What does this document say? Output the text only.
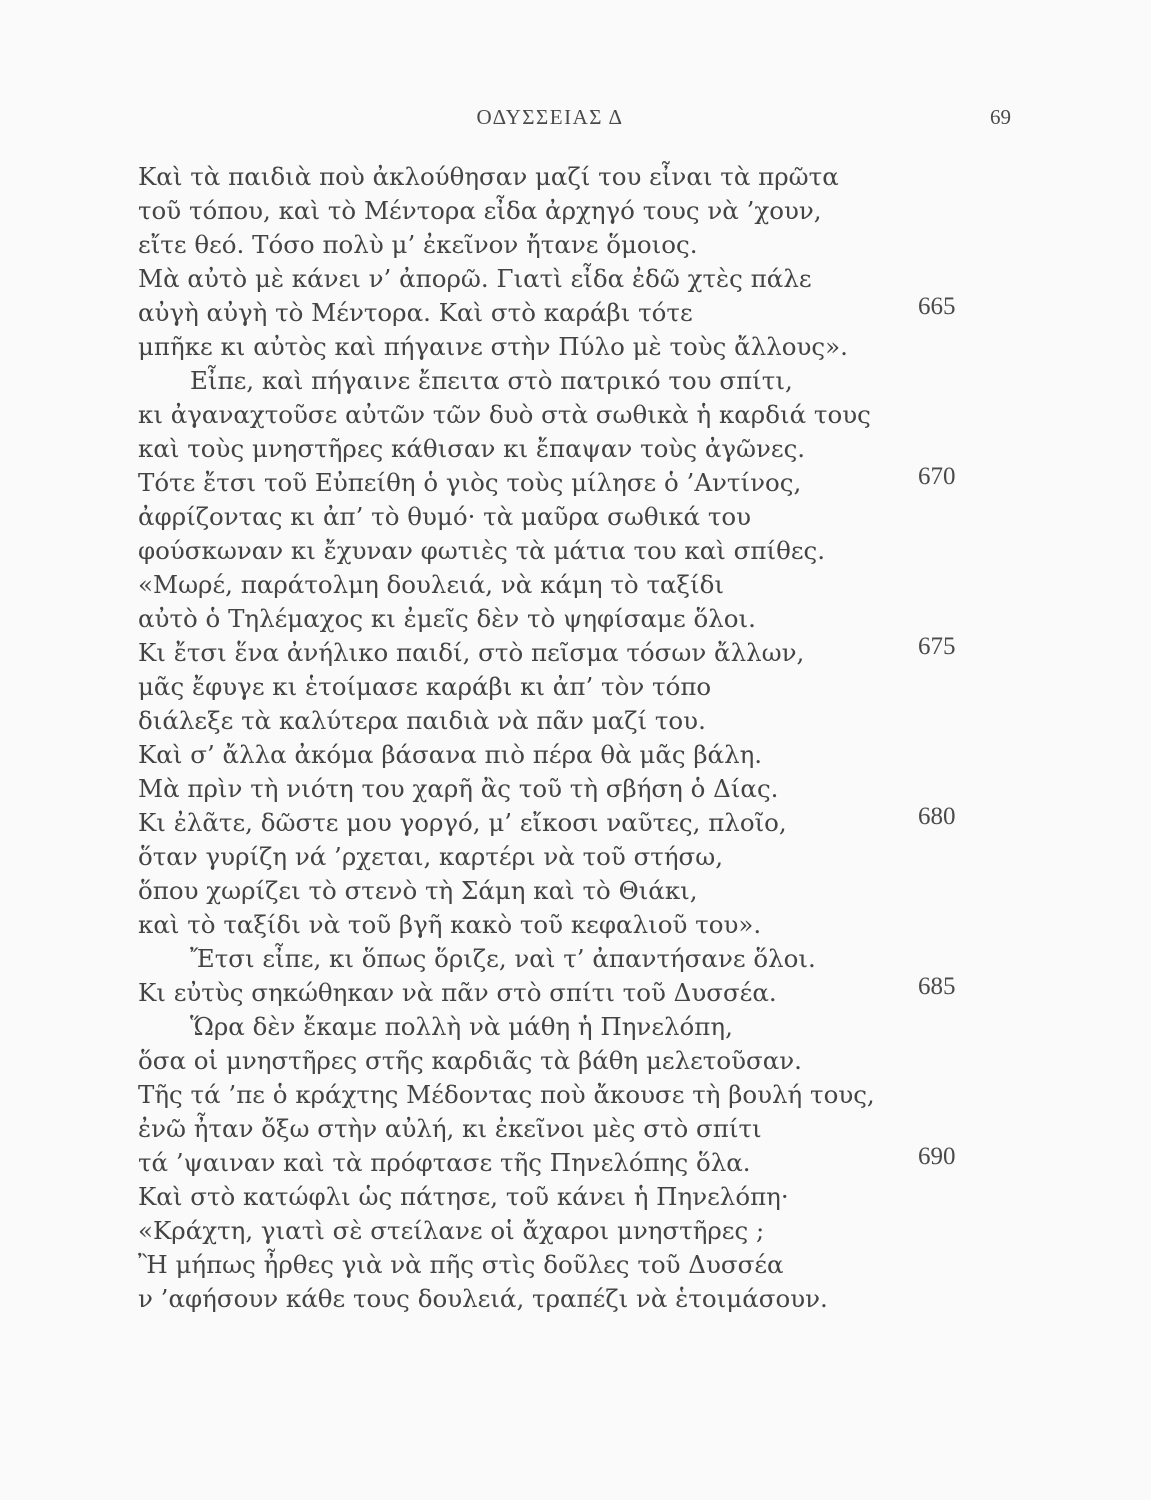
ΟΔΥΣΣΕΙΑΣ Δ	69
Καὶ τὰ παιδιὰ ποὺ ἀκλούθησαν μαζί του εἶναι τὰ πρῶτα
τοῦ τόπου, καὶ τὸ Μέντορα εἶδα ἀρχηγό τους νὰ ’χουν,
εἴτε θεό. Τόσο πολὺ μ’ ἐκεῖνον ἤτανε ὅμοιος.
Μὰ αὐτὸ μὲ κάνει ν’ ἀπορῶ. Γιατὶ εἶδα ἐδῶ χτὲς πάλε
αὐγὴ αὐγὴ τὸ Μέντορα. Καὶ στὸ καράβι τότε	665
μπῆκε κι αὐτὸς καὶ πήγαινε στὴν Πύλο μὲ τοὺς ἄλλους».
Εἶπε, καὶ πήγαινε ἔπειτα στὸ πατρικό του σπίτι,
κι ἀγαναχτοῦσε αὐτῶν τῶν δυὸ στὰ σωθικὰ ἡ καρδιά τους
καὶ τοὺς μνηστῆρες κάθισαν κι ἔπαψαν τοὺς ἀγῶνες.
Τότε ἔτσι τοῦ Εὐπείθη ὁ γιὸς τοὺς μίλησε ὁ ’Αντίνος,	670
ἀφρίζοντας κι ἀπ’ τὸ θυμό· τὰ μαῦρα σωθικά του
φούσκωναν κι ἔχυναν φωτιὲς τὰ μάτια του καὶ σπίθες.
«Μωρέ, παράτολμη δουλειά, νὰ κάμη τὸ ταξίδι
αὐτὸ ὁ Τηλέμαχος κι ἐμεῖς δὲν τὸ ψηφίσαμε ὅλοι.
Κι ἔτσι ἕνα ἀνήλικο παιδί, στὸ πεῖσμα τόσων ἄλλων,	675
μᾶς ἔφυγε κι ἑτοίμασε καράβι κι ἀπ’ τὸν τόπο
διάλεξε τὰ καλύτερα παιδιὰ νὰ πᾶν μαζί του.
Καὶ σ’ ἄλλα ἀκόμα βάσανα πιὸ πέρα θὰ μᾶς βάλη.
Μὰ πρὶν τὴ νιότη του χαρῆ ἂς τοῦ τὴ σβήση ὁ Δίας.
Κι ἐλᾶτε, δῶστε μου γοργό, μ’ εἴκοσι ναῦτες, πλοῖο,	680
ὅταν γυρίζη νά ’ρχεται, καρτέρι νὰ τοῦ στήσω,
ὅπου χωρίζει τὸ στενὸ τὴ Σάμη καὶ τὸ Θιάκι,
καὶ τὸ ταξίδι νὰ τοῦ βγῆ κακὸ τοῦ κεφαλιοῦ του».
Ἔτσι εἶπε, κι ὅπως ὅριζε, ναὶ τ’ ἀπαντήσανε ὅλοι.
Κι εὐτὺς σηκώθηκαν νὰ πᾶν στὸ σπίτι τοῦ Δυσσέα.	685
Ὥρα δὲν ἔκαμε πολλὴ νὰ μάθη ἡ Πηνελόπη,
ὅσα οἱ μνηστῆρες στῆς καρδιᾶς τὰ βάθη μελετοῦσαν.
Τῆς τά ’πε ὁ κράχτης Μέδοντας ποὺ ἄκουσε τὴ βουλή τους,
ἐνῶ ἦταν ὄξω στὴν αὐλή, κι ἐκεῖνοι μὲς στὸ σπίτι
τά ’ψαιναν καὶ τὰ πρόφτασε τῆς Πηνελόπης ὅλα.	690
Καὶ στὸ κατώφλι ὡς πάτησε, τοῦ κάνει ἡ Πηνελόπη·
«Κράχτη, γιατὶ σὲ στείλανε οἱ ἄχαροι μνηστῆρες ;
Ἢ μήπως ἦρθες γιὰ νὰ πῆς στὶς δοῦλες τοῦ Δυσσέα
ν ’αφήσουν κάθε τους δουλειά, τραπέζι νὰ ἑτοιμάσουν.
